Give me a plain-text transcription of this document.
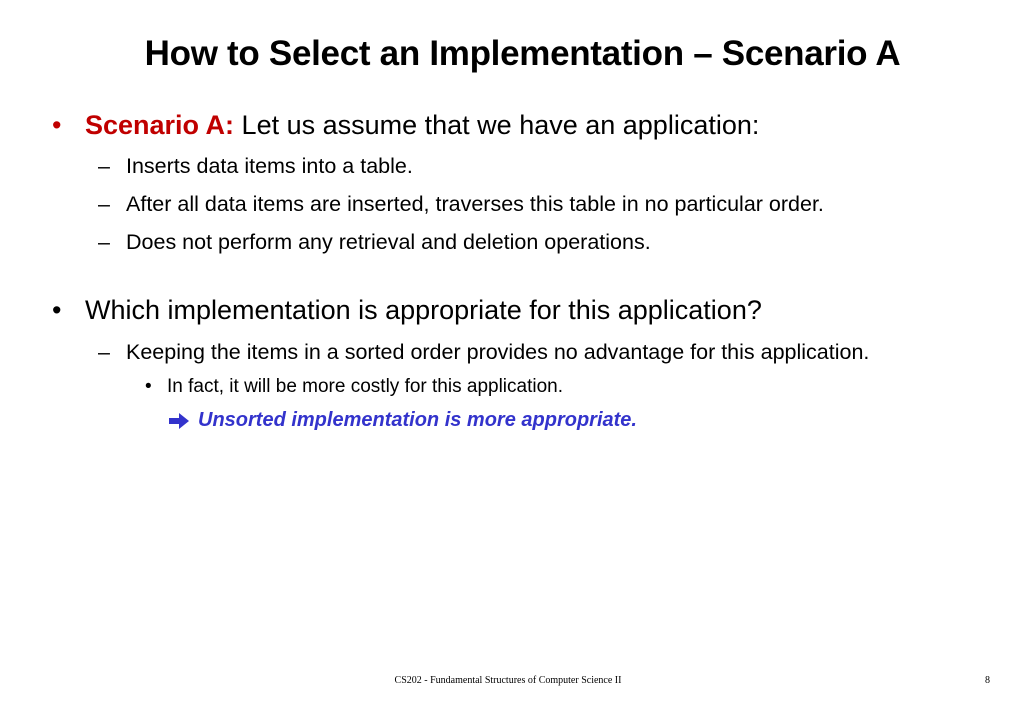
How to Select an Implementation – Scenario A
• Scenario A: Let us assume that we have an application:
– Inserts data items into a table.
– After all data items are inserted, traverses this table in no particular order.
– Does not perform any retrieval and deletion operations.
• Which implementation is appropriate for this application?
– Keeping the items in a sorted order provides no advantage for this application.
• In fact, it will be more costly for this application.
Unsorted implementation is more appropriate.
CS202 - Fundamental Structures of Computer Science II	8
